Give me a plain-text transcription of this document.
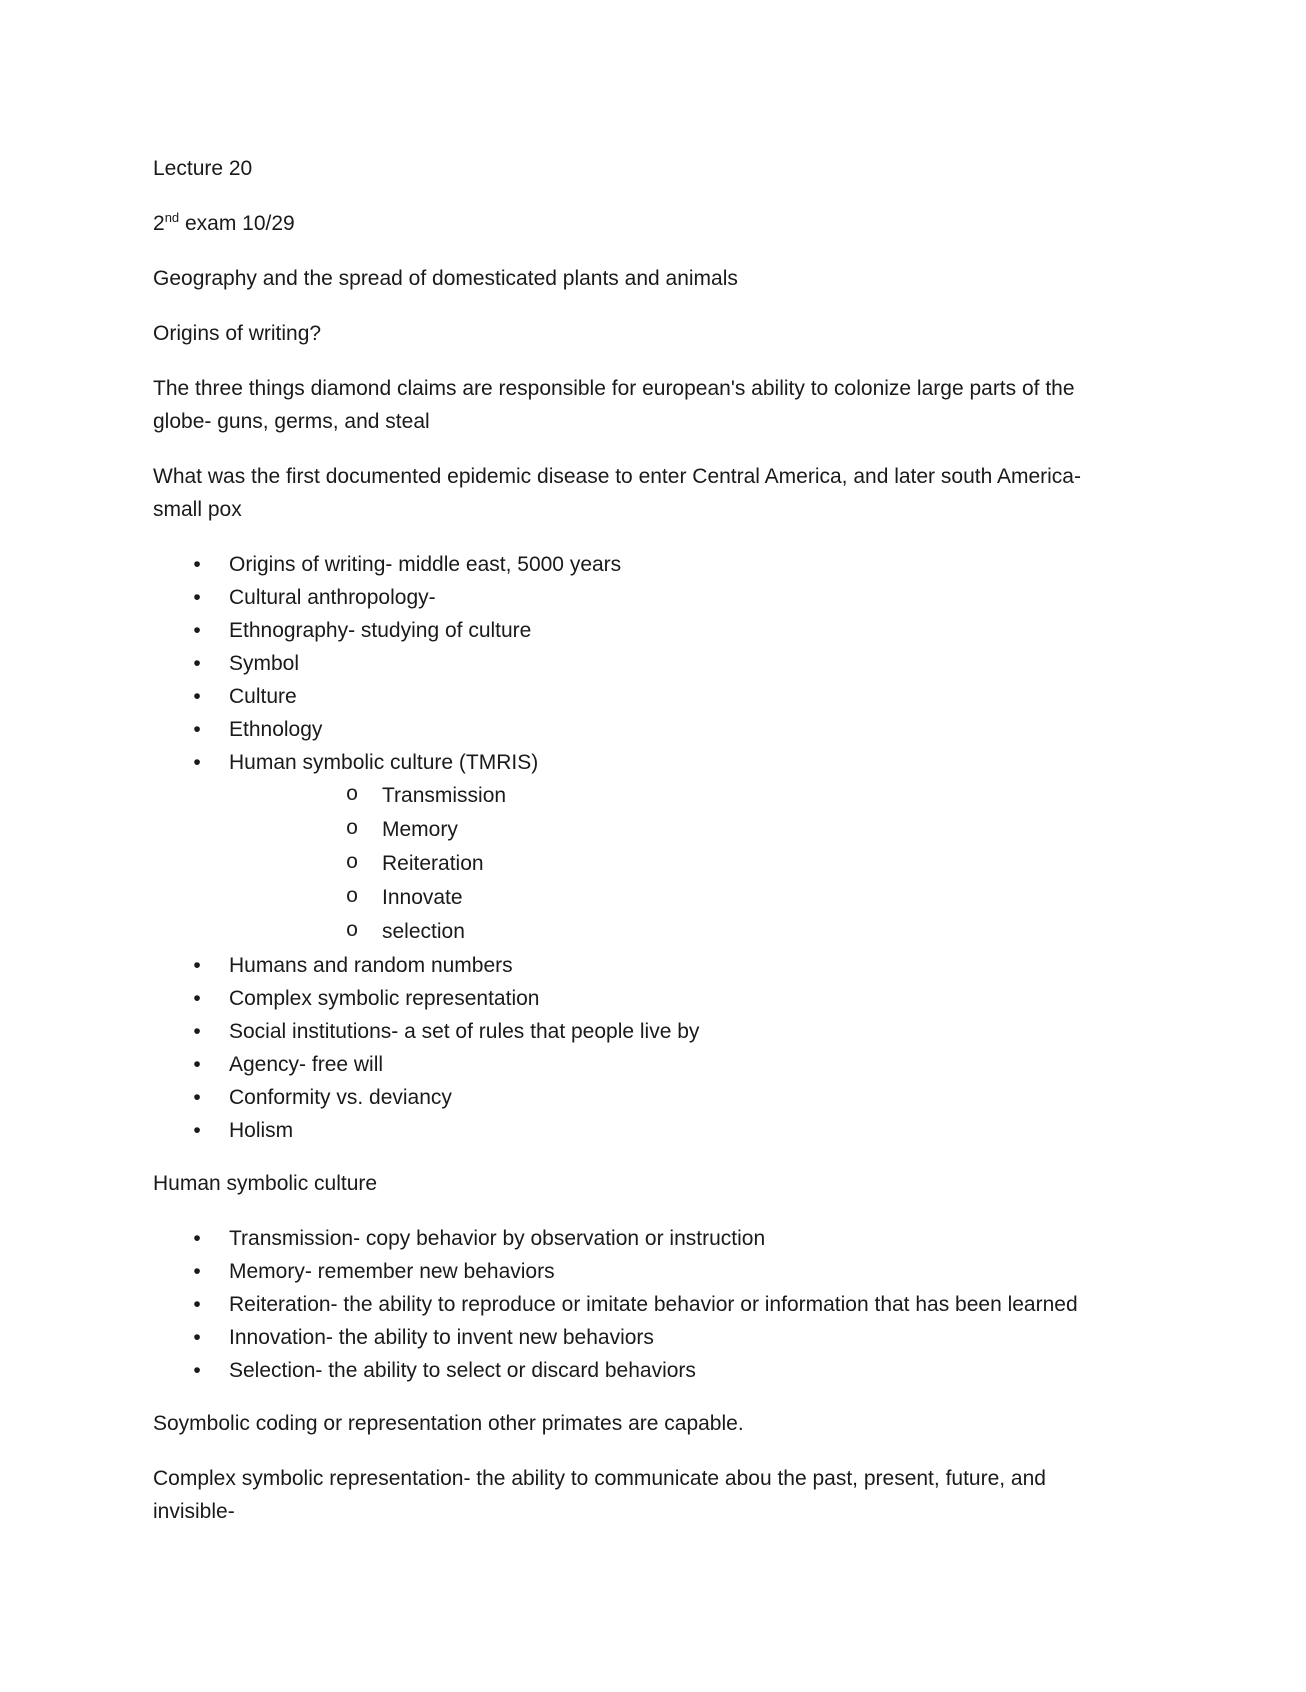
Lecture 20

2nd exam 10/29

Geography and the spread of domesticated plants and animals

Origins of writing?

The three things diamond claims are responsible for european's ability to colonize large parts of the
globe- guns, germs, and steal

What was the first documented epidemic disease to enter Central America, and later south America-
small pox

• Origins of writing- middle east, 5000 years
• Cultural anthropology-
• Ethnography- studying of culture
• Symbol
• Culture
• Ethnology
• Human symbolic culture (TMRIS)
o Transmission
o Memory
o Reiteration
o Innovate
o selection
• Humans and random numbers
• Complex symbolic representation
• Social institutions- a set of rules that people live by
• Agency- free will
• Conformity vs. deviancy
• Holism

Human symbolic culture

• Transmission- copy behavior by observation or instruction
• Memory- remember new behaviors
• Reiteration- the ability to reproduce or imitate behavior or information that has been learned
• Innovation- the ability to invent new behaviors
• Selection- the ability to select or discard behaviors

Soymbolic coding or representation other primates are capable.

Complex symbolic representation- the ability to communicate abou the past, present, future, and
invisible-
